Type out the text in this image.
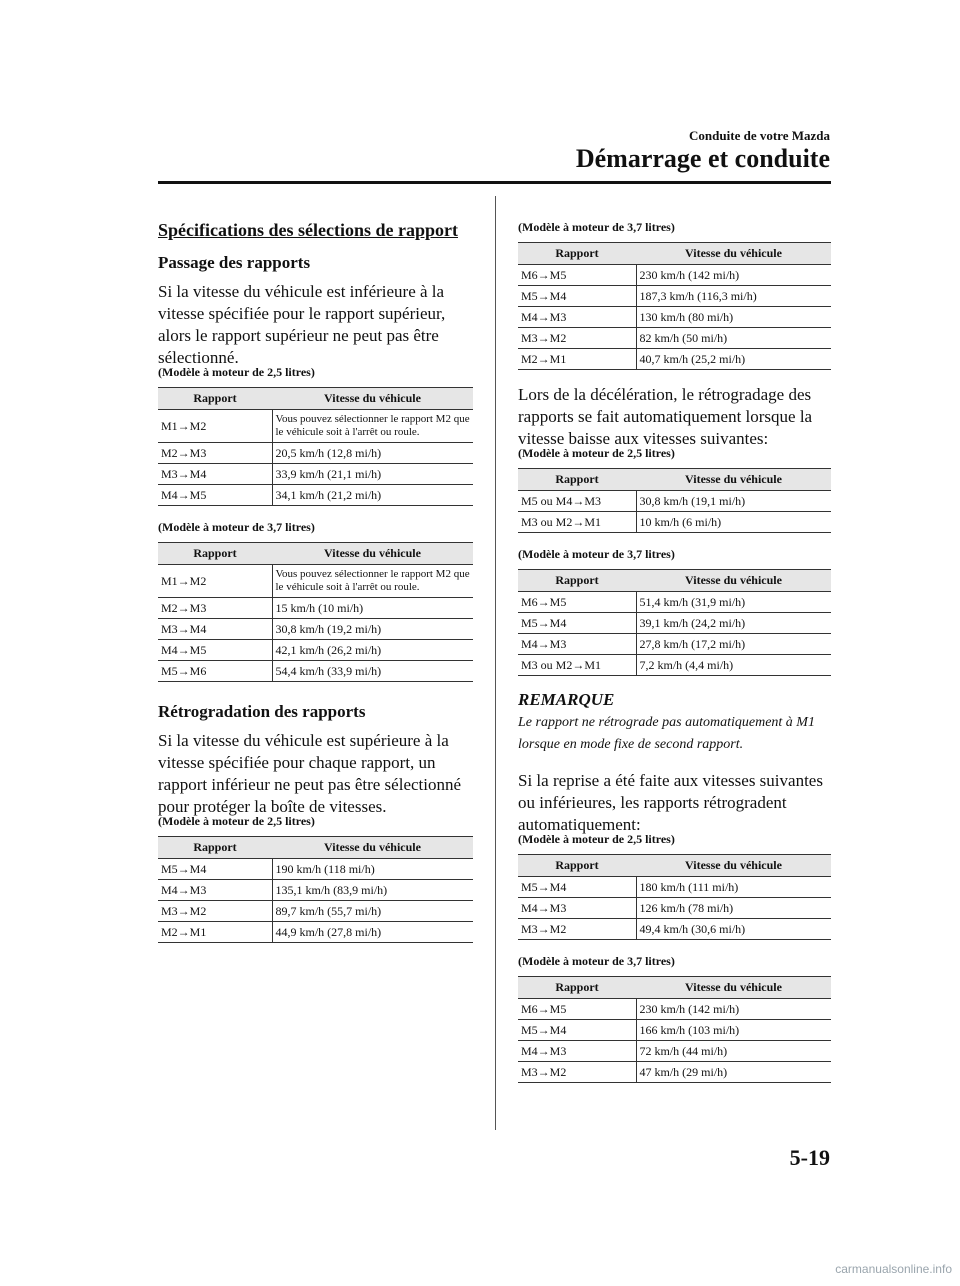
Conduite de votre Mazda
Démarrage et conduite
Spécifications des sélections de rapport
Passage des rapports

Si la vitesse du véhicule est inférieure à la vitesse spécifiée pour le rapport supérieur, alors le rapport supérieur ne peut pas être sélectionné.

(Modèle à moteur de 2,5 litres)
Rapport	Vitesse du véhicule
M1→M2	Vous pouvez sélectionner le rapport M2 que le véhicule soit à l'arrêt ou roule.
M2→M3	20,5 km/h (12,8 mi/h)
M3→M4	33,9 km/h (21,1 mi/h)
M4→M5	34,1 km/h (21,2 mi/h)
(Modèle à moteur de 3,7 litres)
Rapport	Vitesse du véhicule
M1→M2	Vous pouvez sélectionner le rapport M2 que le véhicule soit à l'arrêt ou roule.
M2→M3	15 km/h (10 mi/h)
M3→M4	30,8 km/h (19,2 mi/h)
M4→M5	42,1 km/h (26,2 mi/h)
M5→M6	54,4 km/h (33,9 mi/h)
Rétrogradation des rapports

Si la vitesse du véhicule est supérieure à la vitesse spécifiée pour chaque rapport, un rapport inférieur ne peut pas être sélectionné pour protéger la boîte de vitesses.

(Modèle à moteur de 2,5 litres)
Rapport	Vitesse du véhicule
M5→M4	190 km/h (118 mi/h)
M4→M3	135,1 km/h (83,9 mi/h)
M3→M2	89,7 km/h (55,7 mi/h)
M2→M1	44,9 km/h (27,8 mi/h)
(Modèle à moteur de 3,7 litres)
Rapport	Vitesse du véhicule
M6→M5	230 km/h (142 mi/h)
M5→M4	187,3 km/h (116,3 mi/h)
M4→M3	130 km/h (80 mi/h)
M3→M2	82 km/h (50 mi/h)
M2→M1	40,7 km/h (25,2 mi/h)

Lors de la décélération, le rétrogradage des rapports se fait automatiquement lorsque la vitesse baisse aux vitesses suivantes:

(Modèle à moteur de 2,5 litres)
Rapport	Vitesse du véhicule
M5 ou M4→M3	30,8 km/h (19,1 mi/h)
M3 ou M2→M1	10 km/h (6 mi/h)
(Modèle à moteur de 3,7 litres)
Rapport	Vitesse du véhicule
M6→M5	51,4 km/h (31,9 mi/h)
M5→M4	39,1 km/h (24,2 mi/h)
M4→M3	27,8 km/h (17,2 mi/h)
M3 ou M2→M1	7,2 km/h (4,4 mi/h)
REMARQUE

Le rapport ne rétrograde pas automatiquement à M1 lorsque en mode fixe de second rapport.

Si la reprise a été faite aux vitesses suivantes ou inférieures, les rapports rétrogradent automatiquement:

(Modèle à moteur de 2,5 litres)
Rapport	Vitesse du véhicule
M5→M4	180 km/h (111 mi/h)
M4→M3	126 km/h (78 mi/h)
M3→M2	49,4 km/h (30,6 mi/h)
(Modèle à moteur de 3,7 litres)
Rapport	Vitesse du véhicule
M6→M5	230 km/h (142 mi/h)
M5→M4	166 km/h (103 mi/h)
M4→M3	72 km/h (44 mi/h)
M3→M2	47 km/h (29 mi/h)
5-19
carmanualsonline.info
